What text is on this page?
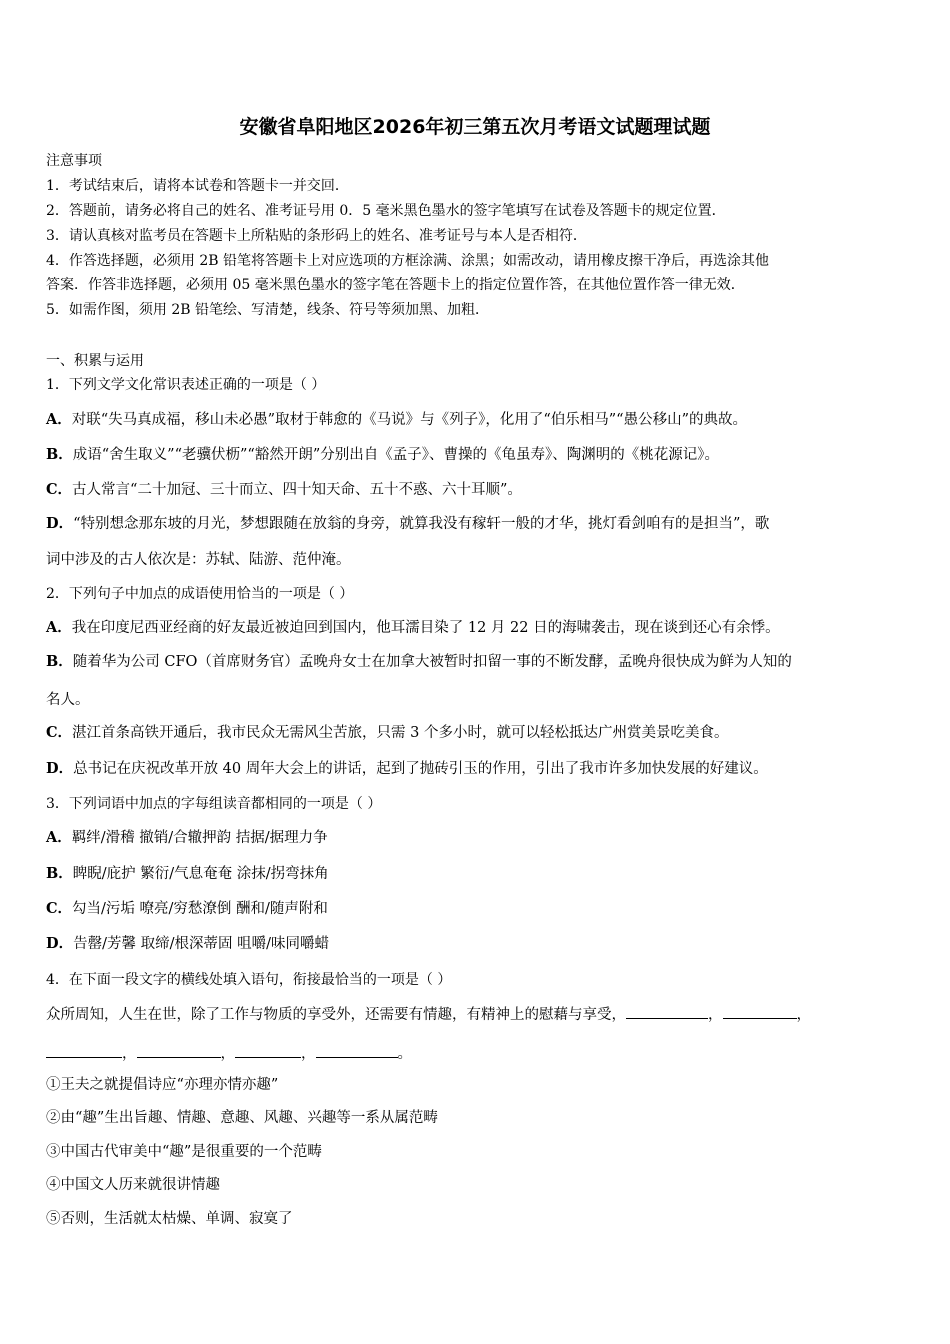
安徽省阜阳地区2026年初三第五次月考语文试题理试题
注意事项
1．考试结束后，请将本试卷和答题卡一并交回．
2．答题前，请务必将自己的姓名、准考证号用 0．5 毫米黑色墨水的签字笔填写在试卷及答题卡的规定位置．
3．请认真核对监考员在答题卡上所粘贴的条形码上的姓名、准考证号与本人是否相符．
4．作答选择题，必须用 2B 铅笔将答题卡上对应选项的方框涂满、涂黑；如需改动，请用橡皮擦干净后，再选涂其他
答案．作答非选择题，必须用 05 毫米黑色墨水的签字笔在答题卡上的指定位置作答，在其他位置作答一律无效．
5．如需作图，须用 2B 铅笔绘、写清楚，线条、符号等须加黑、加粗．
一、积累与运用
1．下列文学文化常识表述正确的一项是（ ）
A．对联“失马真成福，移山未必愚”取材于韩愈的《马说》与《列子》，化用了“伯乐相马”“愚公移山”的典故。
B．成语“舍生取义”“老骥伏枥”“豁然开朗”分别出自《孟子》、曹操的《龟虽寿》、陶渊明的《桃花源记》。
C．古人常言“二十加冠、三十而立、四十知天命、五十不惑、六十耳顺”。
D．“特别想念那东坡的月光，梦想跟随在放翁的身旁，就算我没有稼轩一般的才华，挑灯看剑咱有的是担当”，歌
词中涉及的古人依次是：苏轼、陆游、范仲淹。
2．下列句子中加点的成语使用恰当的一项是（ ）
A．我在印度尼西亚经商的好友最近被迫回到国内，他耳濡目染了 12 月 22 日的海啸袭击，现在谈到还心有余悸。
B．随着华为公司 CFO（首席财务官）孟晚舟女士在加拿大被暂时扣留一事的不断发酵，孟晚舟很快成为鲜为人知的
名人。
C．湛江首条高铁开通后，我市民众无需风尘苦旅，只需 3 个多小时，就可以轻松抵达广州赏美景吃美食。
D．总书记在庆祝改革开放 40 周年大会上的讲话，起到了抛砖引玉的作用，引出了我市许多加快发展的好建议。
3．下列词语中加点的字每组读音都相同的一项是（ ）
A．羁绊/滑稽 撤销/合辙押韵 拮据/据理力争
B．睥睨/庇护 繁衍/气息奄奄 涂抹/拐弯抹角
C．勾当/污垢 嘹亮/穷愁潦倒 酬和/随声附和
D．告罄/芳馨 取缔/根深蒂固 咀嚼/味同嚼蜡
4．在下面一段文字的横线处填入语句，衔接最恰当的一项是（ ）
众所周知，人生在世，除了工作与物质的享受外，还需要有情趣，有精神上的慰藉与享受，	，	，
，	，	，	。
①王夫之就提倡诗应“亦理亦情亦趣”
②由“趣”生出旨趣、情趣、意趣、风趣、兴趣等一系从属范畴
③中国古代审美中“趣”是很重要的一个范畴
④中国文人历来就很讲情趣
⑤否则，生活就太枯燥、单调、寂寞了
